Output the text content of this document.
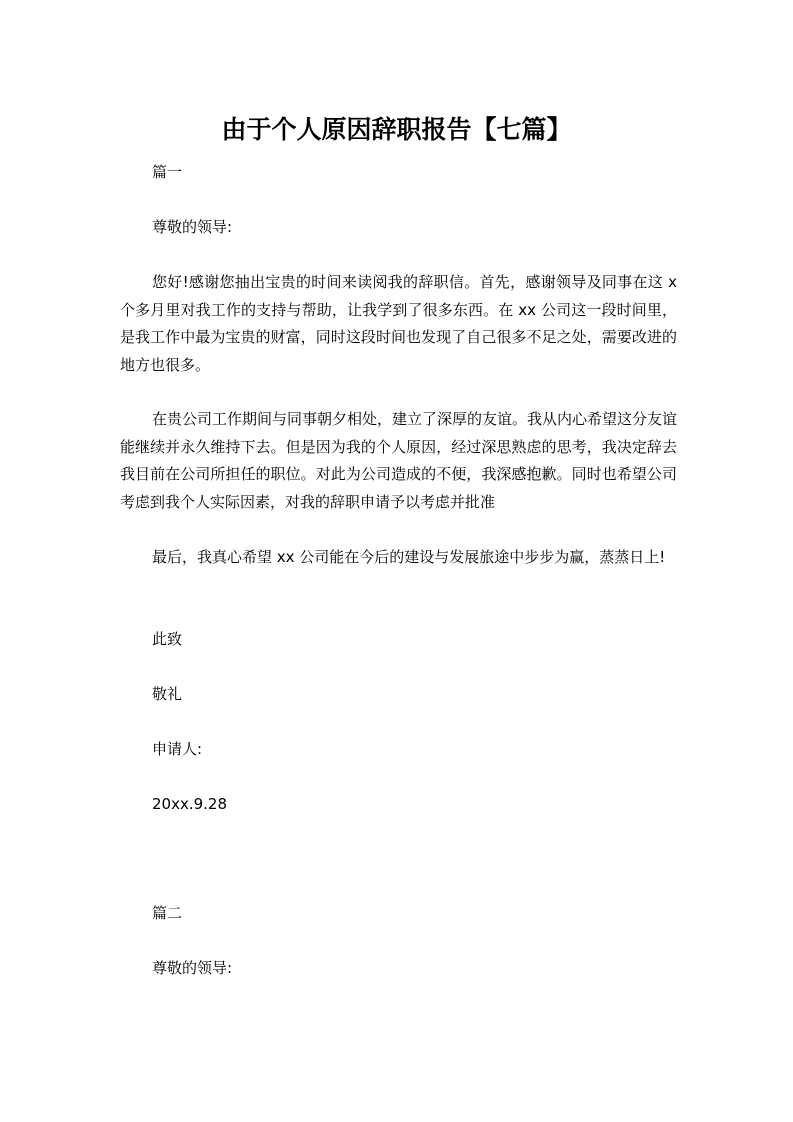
由于个人原因辞职报告【七篇】

篇一

尊敬的领导:

您好!感谢您抽出宝贵的时间来读阅我的辞职信。首先，感谢领导及同事在这 x 个多月里对我工作的支持与帮助，让我学到了很多东西。在 xx 公司这一段时间里，是我工作中最为宝贵的财富，同时这段时间也发现了自己很多不足之处，需要改进的地方也很多。

在贵公司工作期间与同事朝夕相处，建立了深厚的友谊。我从内心希望这分友谊能继续并永久维持下去。但是因为我的个人原因，经过深思熟虑的思考，我决定辞去我目前在公司所担任的职位。对此为公司造成的不便，我深感抱歉。同时也希望公司考虑到我个人实际因素，对我的辞职申请予以考虑并批准

最后，我真心希望 xx 公司能在今后的建设与发展旅途中步步为赢，蒸蒸日上!

此致

敬礼

申请人:

20xx.9.28

篇二

尊敬的领导:
